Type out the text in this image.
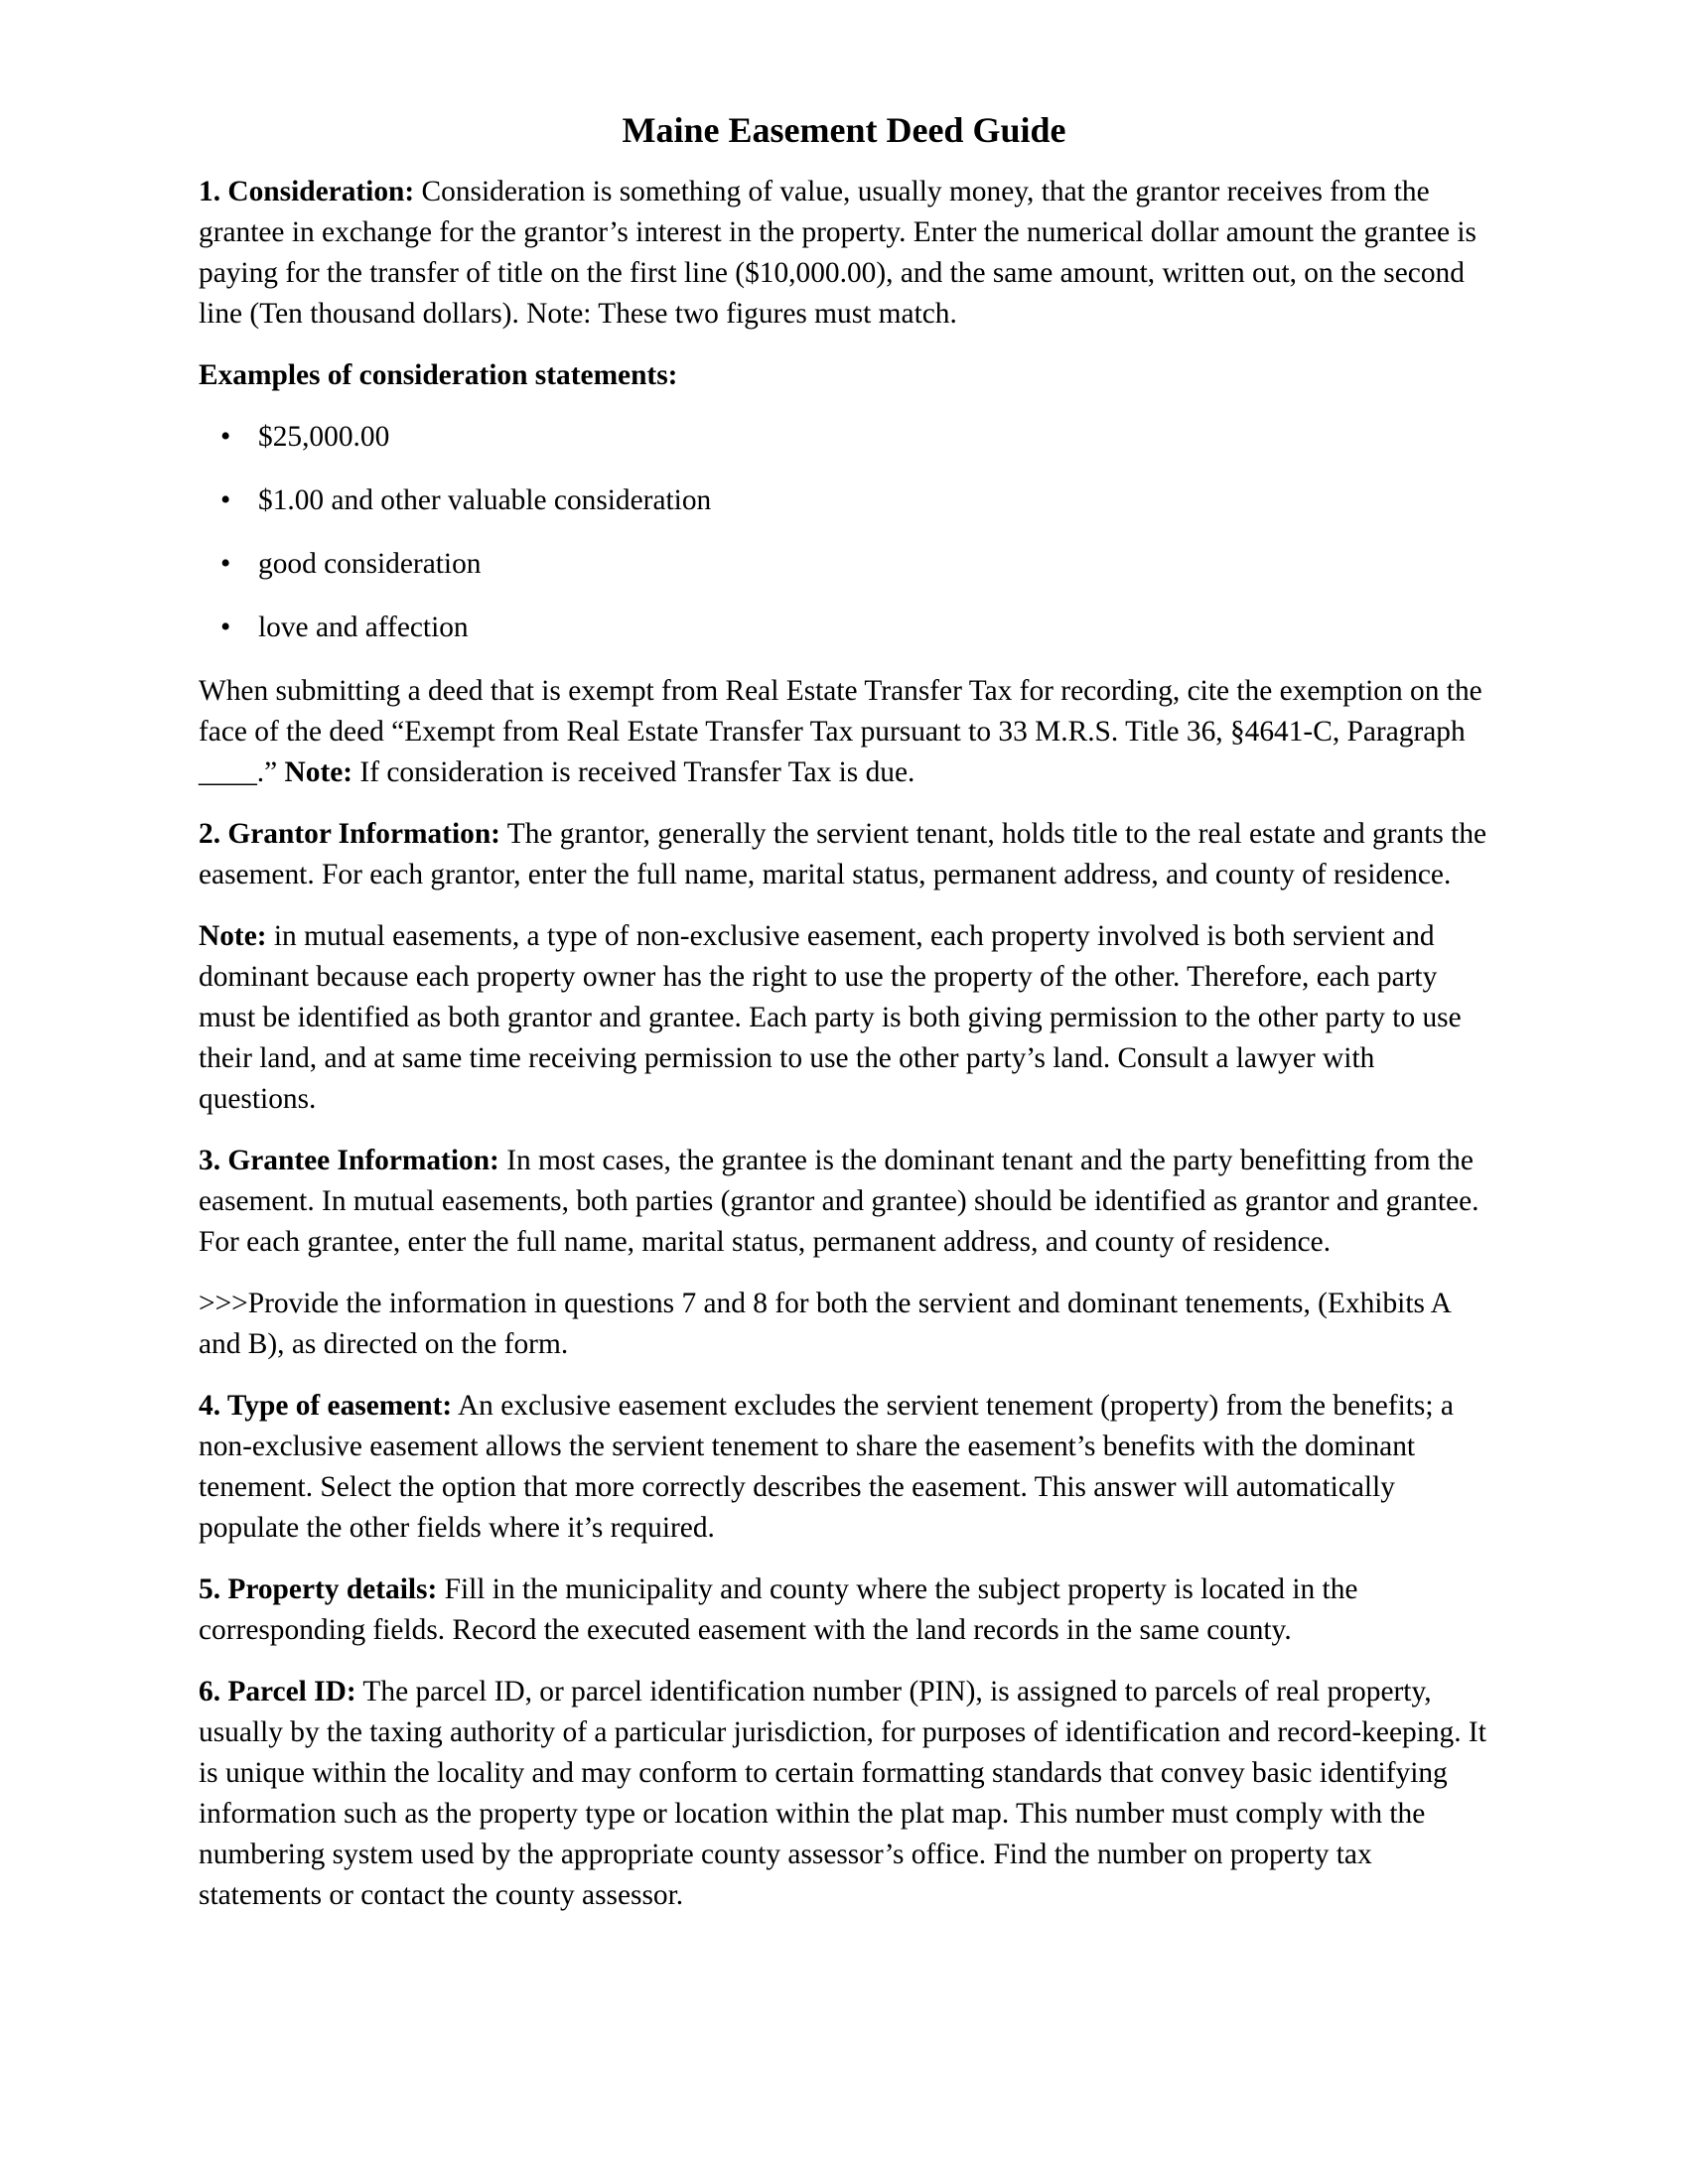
Maine Easement Deed Guide

1. Consideration: Consideration is something of value, usually money, that the grantor receives from the grantee in exchange for the grantor’s interest in the property. Enter the numerical dollar amount the grantee is paying for the transfer of title on the first line ($10,000.00), and the same amount, written out, on the second line (Ten thousand dollars). Note: These two figures must match.

Examples of consideration statements:

• $25,000.00
• $1.00 and other valuable consideration
• good consideration
• love and affection

When submitting a deed that is exempt from Real Estate Transfer Tax for recording, cite the exemption on the face of the deed “Exempt from Real Estate Transfer Tax pursuant to 33 M.R.S. Title 36, §4641-C, Paragraph ____.” Note: If consideration is received Transfer Tax is due.

2. Grantor Information: The grantor, generally the servient tenant, holds title to the real estate and grants the easement. For each grantor, enter the full name, marital status, permanent address, and county of residence.

Note: in mutual easements, a type of non-exclusive easement, each property involved is both servient and dominant because each property owner has the right to use the property of the other. Therefore, each party must be identified as both grantor and grantee. Each party is both giving permission to the other party to use their land, and at same time receiving permission to use the other party’s land. Consult a lawyer with questions.

3. Grantee Information: In most cases, the grantee is the dominant tenant and the party benefitting from the easement. In mutual easements, both parties (grantor and grantee) should be identified as grantor and grantee. For each grantee, enter the full name, marital status, permanent address, and county of residence.

>>>Provide the information in questions 7 and 8 for both the servient and dominant tenements, (Exhibits A and B), as directed on the form.

4. Type of easement: An exclusive easement excludes the servient tenement (property) from the benefits; a non-exclusive easement allows the servient tenement to share the easement’s benefits with the dominant tenement. Select the option that more correctly describes the easement. This answer will automatically populate the other fields where it’s required.

5. Property details: Fill in the municipality and county where the subject property is located in the corresponding fields. Record the executed easement with the land records in the same county.

6. Parcel ID: The parcel ID, or parcel identification number (PIN), is assigned to parcels of real property, usually by the taxing authority of a particular jurisdiction, for purposes of identification and record-keeping. It is unique within the locality and may conform to certain formatting standards that convey basic identifying information such as the property type or location within the plat map. This number must comply with the numbering system used by the appropriate county assessor’s office. Find the number on property tax statements or contact the county assessor.
